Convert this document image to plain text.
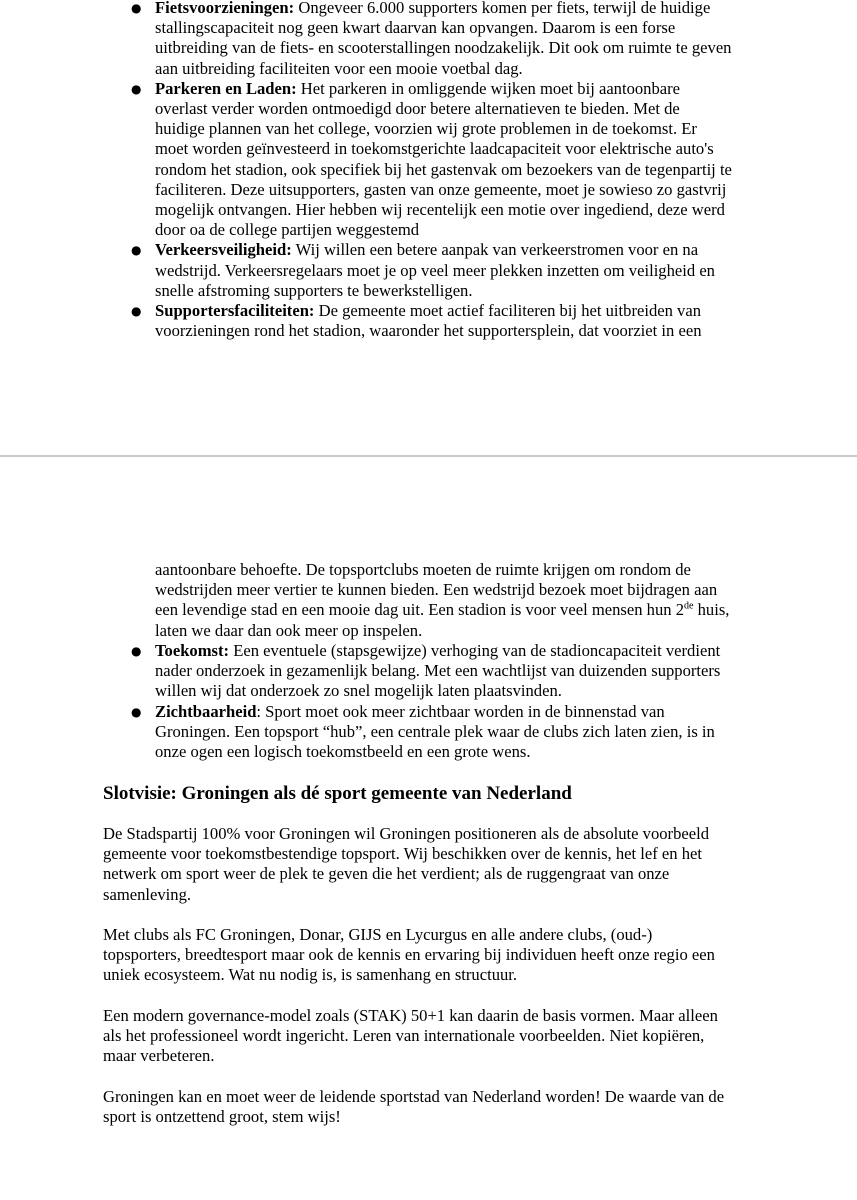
●
Fietsvoorzieningen: Ongeveer 6.000 supporters komen per fiets, terwijl de huidige
stallingscapaciteit nog geen kwart daarvan kan opvangen. Daarom is een forse
uitbreiding van de fiets- en scooterstallingen noodzakelijk. Dit ook om ruimte te geven
aan uitbreiding faciliteiten voor een mooie voetbal dag.
●
Parkeren en Laden: Het parkeren in omliggende wijken moet bij aantoonbare
overlast verder worden ontmoedigd door betere alternatieven te bieden. Met de
huidige plannen van het college, voorzien wij grote problemen in de toekomst. Er
moet worden geïnvesteerd in toekomstgerichte laadcapaciteit voor elektrische auto's
rondom het stadion, ook specifiek bij het gastenvak om bezoekers van de tegenpartij te
faciliteren. Deze uitsupporters, gasten van onze gemeente, moet je sowieso zo gastvrij
mogelijk ontvangen. Hier hebben wij recentelijk een motie over ingediend, deze werd
door oa de college partijen weggestemd
●
Verkeersveiligheid: Wij willen een betere aanpak van verkeerstromen voor en na
wedstrijd. Verkeersregelaars moet je op veel meer plekken inzetten om veiligheid en
snelle afstroming supporters te bewerkstelligen.
●
Supportersfaciliteiten: De gemeente moet actief faciliteren bij het uitbreiden van
voorzieningen rond het stadion, waaronder het supportersplein, dat voorziet in een
aantoonbare behoefte. De topsportclubs moeten de ruimte krijgen om rondom de
wedstrijden meer vertier te kunnen bieden. Een wedstrijd bezoek moet bijdragen aan
een levendige stad en een mooie dag uit. Een stadion is voor veel mensen hun 2de huis,
laten we daar dan ook meer op inspelen.
●
Toekomst: Een eventuele (stapsgewijze) verhoging van de stadioncapaciteit verdient
nader onderzoek in gezamenlijk belang. Met een wachtlijst van duizenden supporters
willen wij dat onderzoek zo snel mogelijk laten plaatsvinden.
●
Zichtbaarheid: Sport moet ook meer zichtbaar worden in de binnenstad van
Groningen. Een topsport “hub”, een centrale plek waar de clubs zich laten zien, is in
onze ogen een logisch toekomstbeeld en een grote wens.
Slotvisie: Groningen als dé sport gemeente van Nederland
De Stadspartij 100% voor Groningen wil Groningen positioneren als de absolute voorbeeld
gemeente voor toekomstbestendige topsport. Wij beschikken over de kennis, het lef en het
netwerk om sport weer de plek te geven die het verdient; als de ruggengraat van onze
samenleving.
Met clubs als FC Groningen, Donar, GIJS en Lycurgus en alle andere clubs, (oud-)
topsporters, breedtesport maar ook de kennis en ervaring bij individuen heeft onze regio een
uniek ecosysteem. Wat nu nodig is, is samenhang en structuur.
Een modern governance-model zoals (STAK) 50+1 kan daarin de basis vormen. Maar alleen
als het professioneel wordt ingericht. Leren van internationale voorbeelden. Niet kopiëren,
maar verbeteren.
Groningen kan en moet weer de leidende sportstad van Nederland worden! De waarde van de
sport is ontzettend groot, stem wijs!
